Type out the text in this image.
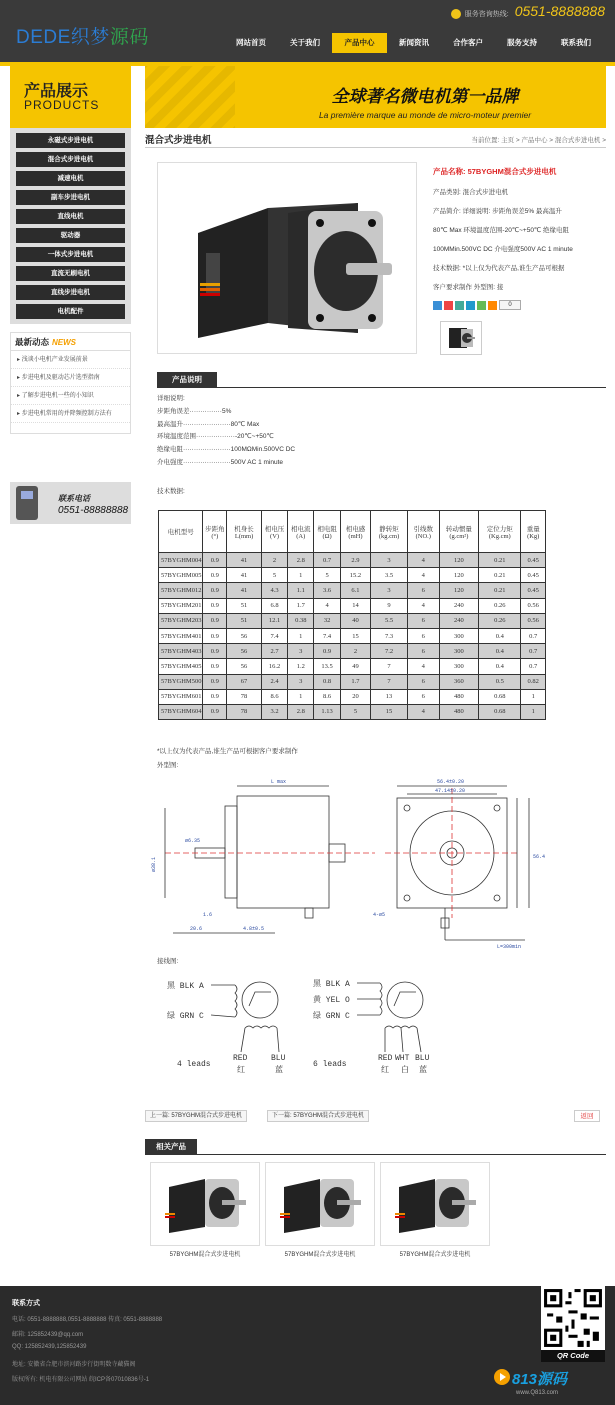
DEDE织梦源码
服务咨询热线: 0551-8888888
网站首页	关于我们	产品中心	新闻资讯	合作客户	服务支持	联系我们
产品展示
PRODUCTS	全球著名微电机第一品牌
La première marque au monde de micro-moteur premier
永磁式步进电机
混合式步进电机
减速电机
副车步进电机
直线电机
驱动器
一体式步进电机
直流无刷电机
直线步进电机
电机配件
最新动态 NEWS
▸ 浅谈小电机产业发展前景
▸ 步进电机及驱动芯片选型指南
▸ 了解步进电机一些的小知识
▸ 步进电机常用的并降频控制方法有
联系电话
0551-88888888
混合式步进电机	当前位置: 主页 > 产品中心 > 混合式步进电机 >
产品名称: 57BYGHM混合式步进电机

产品类别: 混合式步进电机

产品简介: 详细说明: 步距角误差5% 最高温升

80℃ Max 环境温度范围-20℃~+50℃ 绝缘电阻

100MMin.500VC DC 介电强度500V AC 1 minute

技术数据: *以上仅为代表产品,谁生产品可根据

客户要求制作 外型图: 接

0
产品说明
详细说明:
步距角误差···············5%
最高温升······················80℃ Max
环境温度范围··················-20℃~+50℃
绝缘电阻······················100MΩMin.500VC DC
介电强度······················500V AC 1 minute
技术数据:
电机型号	步距角 (°)	机身长 L(mm)	相电压 (V)	相电流 (A)	相电阻 (Ω)	相电感 (mH)	静转矩 (kg.cm)	引线数 (NO.)	转动惯量 (g.cm²)	定位力矩 (Kg.cm)	重量 (Kg)
57BYGHM004	0.9	41	2	2.8	0.7	2.9	3	4	120	0.21	0.45
57BYGHM005	0.9	41	5	1	5	15.2	3.5	4	120	0.21	0.45
57BYGHM012	0.9	41	4.3	1.1	3.6	6.1	3	6	120	0.21	0.45
57BYGHM201	0.9	51	6.8	1.7	4	14	9	4	240	0.26	0.56
57BYGHM203	0.9	51	12.1	0.38	32	40	5.5	6	240	0.26	0.56
57BYGHM401	0.9	56	7.4	1	7.4	15	7.3	6	300	0.4	0.7
57BYGHM403	0.9	56	2.7	3	0.9	2	7.2	6	300	0.4	0.7
57BYGHM405	0.9	56	16.2	1.2	13.5	49	7	4	300	0.4	0.7
57BYGHM500	0.9	67	2.4	3	0.8	1.7	7	6	360	0.5	0.82
57BYGHM601	0.9	78	8.6	1	8.6	20	13	6	480	0.68	1
57BYGHM604	0.9	78	3.2	2.8	1.13	5	15	4	480	0.68	1
*以上仅为代表产品,谁生产品可根据客户要求制作
外型图:
L max	56.4±0.20
47.14±0.20
56.4
4-ø5
L=300min
ø6.35
ø38.1
20.6
1.6
4.8±0.5
接线图:
黑 BLK A
绿 GRN C
4 leads
RED	BLU
红	蓝
黑 BLK A
黄 YEL O
绿 GRN C
6 leads
RED WHT BLU
红 白 蓝
上一篇: 57BYGHM混合式步进电机	下一篇: 57BYGHM混合式步进电机	返回
相关产品
57BYGHM混合式步进电机	57BYGHM混合式步进电机	57BYGHM混合式步进电机
联系方式
电话: 0551-8888888,0551-8888888 传真: 0551-8888888
邮箱: 125852439@qq.com
QQ: 125852439,125852439
地址: 安徽省合肥市滨河路步行街明数寺藏猫阁
版权所有: 机电有限公司网站 皖ICP备07010836号-1
QR Code
813源码
www.Q813.com
